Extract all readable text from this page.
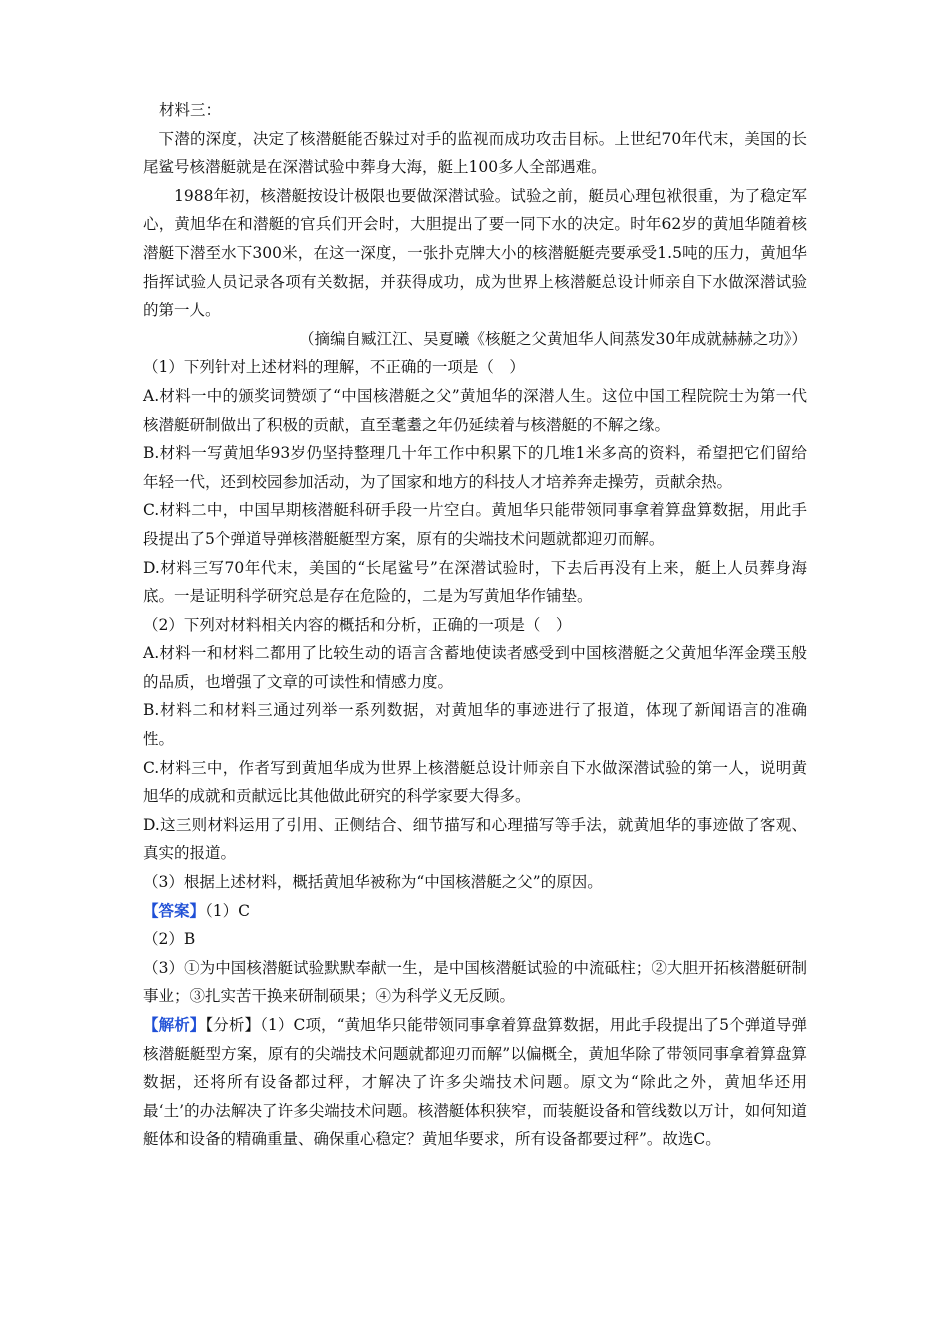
材料三：

下潜的深度，决定了核潜艇能否躲过对手的监视而成功攻击目标。上世纪70年代末，美国的长尾鲨号核潜艇就是在深潜试验中葬身大海，艇上100多人全部遇难。

1988年初，核潜艇按设计极限也要做深潜试验。试验之前，艇员心理包袱很重，为了稳定军心，黄旭华在和潜艇的官兵们开会时，大胆提出了要一同下水的决定。时年62岁的黄旭华随着核潜艇下潜至水下300米，在这一深度，一张扑克牌大小的核潜艇艇壳要承受1.5吨的压力，黄旭华指挥试验人员记录各项有关数据，并获得成功，成为世界上核潜艇总设计师亲自下水做深潜试验的第一人。

（摘编自臧江江、吴夏曦《核艇之父黄旭华人间蒸发30年成就赫赫之功》）

（1）下列针对上述材料的理解，不正确的一项是（　）

A.材料一中的颁奖词赞颂了“中国核潜艇之父”黄旭华的深潜人生。这位中国工程院院士为第一代核潜艇研制做出了积极的贡献，直至耄耋之年仍延续着与核潜艇的不解之缘。

B.材料一写黄旭华93岁仍坚持整理几十年工作中积累下的几堆1米多高的资料，希望把它们留给年轻一代，还到校园参加活动，为了国家和地方的科技人才培养奔走操劳，贡献余热。

C.材料二中，中国早期核潜艇科研手段一片空白。黄旭华只能带领同事拿着算盘算数据，用此手段提出了5个弹道导弹核潜艇艇型方案，原有的尖端技术问题就都迎刃而解。

D.材料三写70年代末，美国的“长尾鲨号”在深潜试验时，下去后再没有上来，艇上人员葬身海底。一是证明科学研究总是存在危险的，二是为写黄旭华作铺垫。

（2）下列对材料相关内容的概括和分析，正确的一项是（　）

A.材料一和材料二都用了比较生动的语言含蓄地使读者感受到中国核潜艇之父黄旭华浑金璞玉般的品质，也增强了文章的可读性和情感力度。

B.材料二和材料三通过列举一系列数据，对黄旭华的事迹进行了报道，体现了新闻语言的准确性。

C.材料三中，作者写到黄旭华成为世界上核潜艇总设计师亲自下水做深潜试验的第一人，说明黄旭华的成就和贡献远比其他做此研究的科学家要大得多。

D.这三则材料运用了引用、正侧结合、细节描写和心理描写等手法，就黄旭华的事迹做了客观、真实的报道。

（3）根据上述材料，概括黄旭华被称为“中国核潜艇之父”的原因。

【答案】（1）C

（2）B

（3）①为中国核潜艇试验默默奉献一生，是中国核潜艇试验的中流砥柱；②大胆开拓核潜艇研制事业；③扎实苦干换来研制硕果；④为科学义无反顾。

【解析】【分析】（1）C项，“黄旭华只能带领同事拿着算盘算数据，用此手段提出了5个弹道导弹核潜艇艇型方案，原有的尖端技术问题就都迎刃而解”以偏概全，黄旭华除了带领同事拿着算盘算数据，还将所有设备都过秤，才解决了许多尖端技术问题。原文为“除此之外，黄旭华还用最‘土’的办法解决了许多尖端技术问题。核潜艇体积狭窄，而装艇设备和管线数以万计，如何知道艇体和设备的精确重量、确保重心稳定？黄旭华要求，所有设备都要过秤”。故选C。
